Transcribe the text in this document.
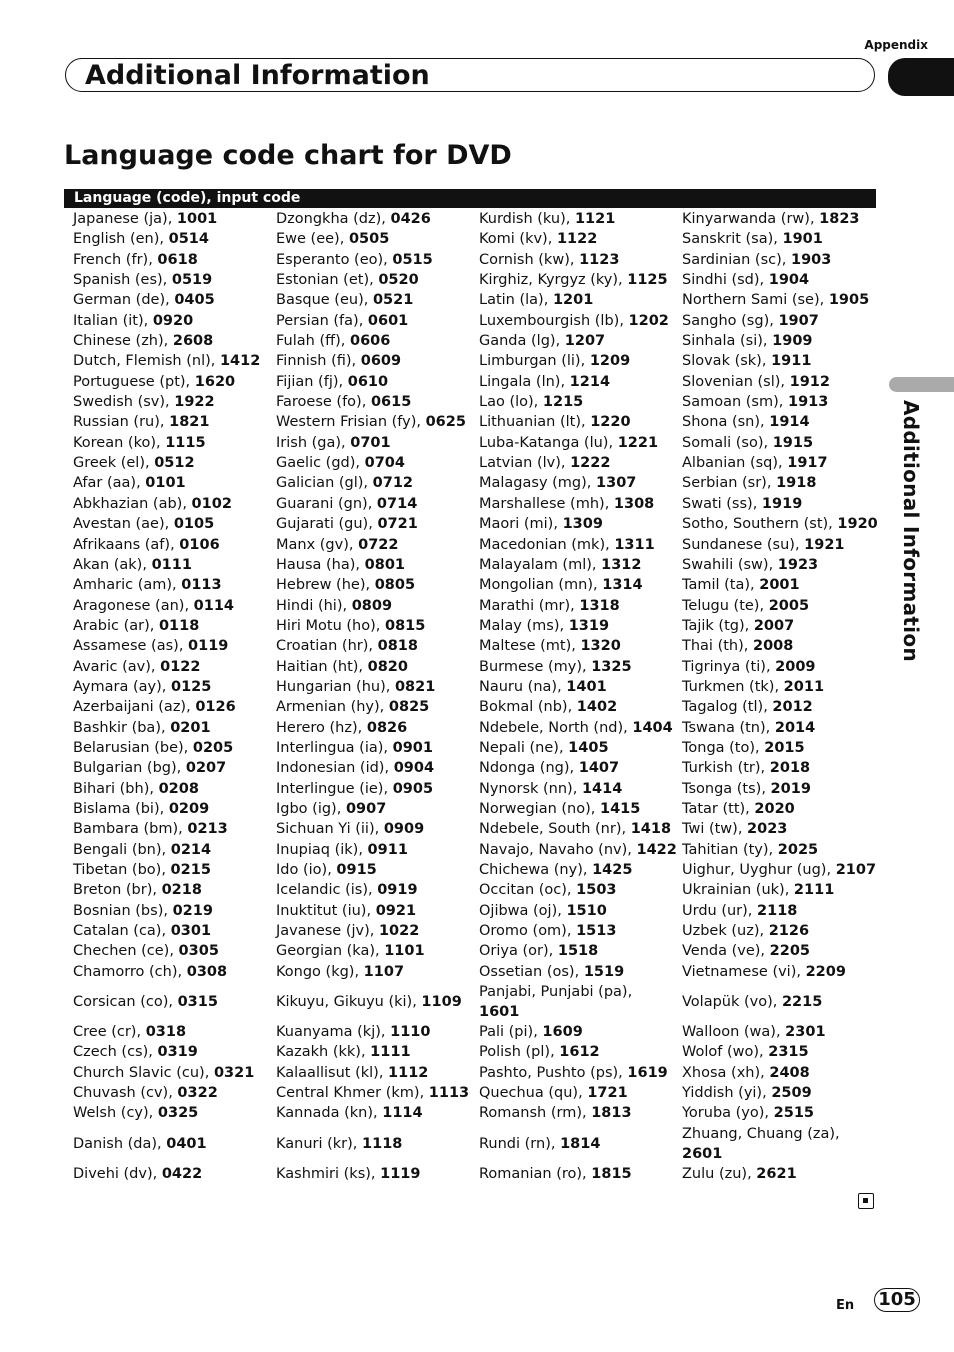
Appendix
Additional Information
Additional Information
Language code chart for DVD
Language (code), input code
Japanese (ja), 1001
English (en), 0514
French (fr), 0618
Spanish (es), 0519
German (de), 0405
Italian (it), 0920
Chinese (zh), 2608
Dutch, Flemish (nl), 1412
Portuguese (pt), 1620
Swedish (sv), 1922
Russian (ru), 1821
Korean (ko), 1115
Greek (el), 0512
Afar (aa), 0101
Abkhazian (ab), 0102
Avestan (ae), 0105
Afrikaans (af), 0106
Akan (ak), 0111
Amharic (am), 0113
Aragonese (an), 0114
Arabic (ar), 0118
Assamese (as), 0119
Avaric (av), 0122
Aymara (ay), 0125
Azerbaijani (az), 0126
Bashkir (ba), 0201
Belarusian (be), 0205
Bulgarian (bg), 0207
Bihari (bh), 0208
Bislama (bi), 0209
Bambara (bm), 0213
Bengali (bn), 0214
Tibetan (bo), 0215
Breton (br), 0218
Bosnian (bs), 0219
Catalan (ca), 0301
Chechen (ce), 0305
Chamorro (ch), 0308
Corsican (co), 0315
Cree (cr), 0318
Czech (cs), 0319
Church Slavic (cu), 0321
Chuvash (cv), 0322
Welsh (cy), 0325
Danish (da), 0401
Divehi (dv), 0422
Dzongkha (dz), 0426
Ewe (ee), 0505
Esperanto (eo), 0515
Estonian (et), 0520
Basque (eu), 0521
Persian (fa), 0601
Fulah (ff), 0606
Finnish (fi), 0609
Fijian (fj), 0610
Faroese (fo), 0615
Western Frisian (fy), 0625
Irish (ga), 0701
Gaelic (gd), 0704
Galician (gl), 0712
Guarani (gn), 0714
Gujarati (gu), 0721
Manx (gv), 0722
Hausa (ha), 0801
Hebrew (he), 0805
Hindi (hi), 0809
Hiri Motu (ho), 0815
Croatian (hr), 0818
Haitian (ht), 0820
Hungarian (hu), 0821
Armenian (hy), 0825
Herero (hz), 0826
Interlingua (ia), 0901
Indonesian (id), 0904
Interlingue (ie), 0905
Igbo (ig), 0907
Sichuan Yi (ii), 0909
Inupiaq (ik), 0911
Ido (io), 0915
Icelandic (is), 0919
Inuktitut (iu), 0921
Javanese (jv), 1022
Georgian (ka), 1101
Kongo (kg), 1107
Kikuyu, Gikuyu (ki), 1109
Kuanyama (kj), 1110
Kazakh (kk), 1111
Kalaallisut (kl), 1112
Central Khmer (km), 1113
Kannada (kn), 1114
Kanuri (kr), 1118
Kashmiri (ks), 1119
Kurdish (ku), 1121
Komi (kv), 1122
Cornish (kw), 1123
Kirghiz, Kyrgyz (ky), 1125
Latin (la), 1201
Luxembourgish (lb), 1202
Ganda (lg), 1207
Limburgan (li), 1209
Lingala (ln), 1214
Lao (lo), 1215
Lithuanian (lt), 1220
Luba-Katanga (lu), 1221
Latvian (lv), 1222
Malagasy (mg), 1307
Marshallese (mh), 1308
Maori (mi), 1309
Macedonian (mk), 1311
Malayalam (ml), 1312
Mongolian (mn), 1314
Marathi (mr), 1318
Malay (ms), 1319
Maltese (mt), 1320
Burmese (my), 1325
Nauru (na), 1401
Bokmal (nb), 1402
Ndebele, North (nd), 1404
Nepali (ne), 1405
Ndonga (ng), 1407
Nynorsk (nn), 1414
Norwegian (no), 1415
Ndebele, South (nr), 1418
Navajo, Navaho (nv), 1422
Chichewa (ny), 1425
Occitan (oc), 1503
Ojibwa (oj), 1510
Oromo (om), 1513
Oriya (or), 1518
Ossetian (os), 1519
Panjabi, Punjabi (pa),
1601
Pali (pi), 1609
Polish (pl), 1612
Pashto, Pushto (ps), 1619
Quechua (qu), 1721
Romansh (rm), 1813
Rundi (rn), 1814
Romanian (ro), 1815
Kinyarwanda (rw), 1823
Sanskrit (sa), 1901
Sardinian (sc), 1903
Sindhi (sd), 1904
Northern Sami (se), 1905
Sangho (sg), 1907
Sinhala (si), 1909
Slovak (sk), 1911
Slovenian (sl), 1912
Samoan (sm), 1913
Shona (sn), 1914
Somali (so), 1915
Albanian (sq), 1917
Serbian (sr), 1918
Swati (ss), 1919
Sotho, Southern (st), 1920
Sundanese (su), 1921
Swahili (sw), 1923
Tamil (ta), 2001
Telugu (te), 2005
Tajik (tg), 2007
Thai (th), 2008
Tigrinya (ti), 2009
Turkmen (tk), 2011
Tagalog (tl), 2012
Tswana (tn), 2014
Tonga (to), 2015
Turkish (tr), 2018
Tsonga (ts), 2019
Tatar (tt), 2020
Twi (tw), 2023
Tahitian (ty), 2025
Uighur, Uyghur (ug), 2107
Ukrainian (uk), 2111
Urdu (ur), 2118
Uzbek (uz), 2126
Venda (ve), 2205
Vietnamese (vi), 2209
Volapük (vo), 2215
Walloon (wa), 2301
Wolof (wo), 2315
Xhosa (xh), 2408
Yiddish (yi), 2509
Yoruba (yo), 2515
Zhuang, Chuang (za),
2601
Zulu (zu), 2621
En 105
